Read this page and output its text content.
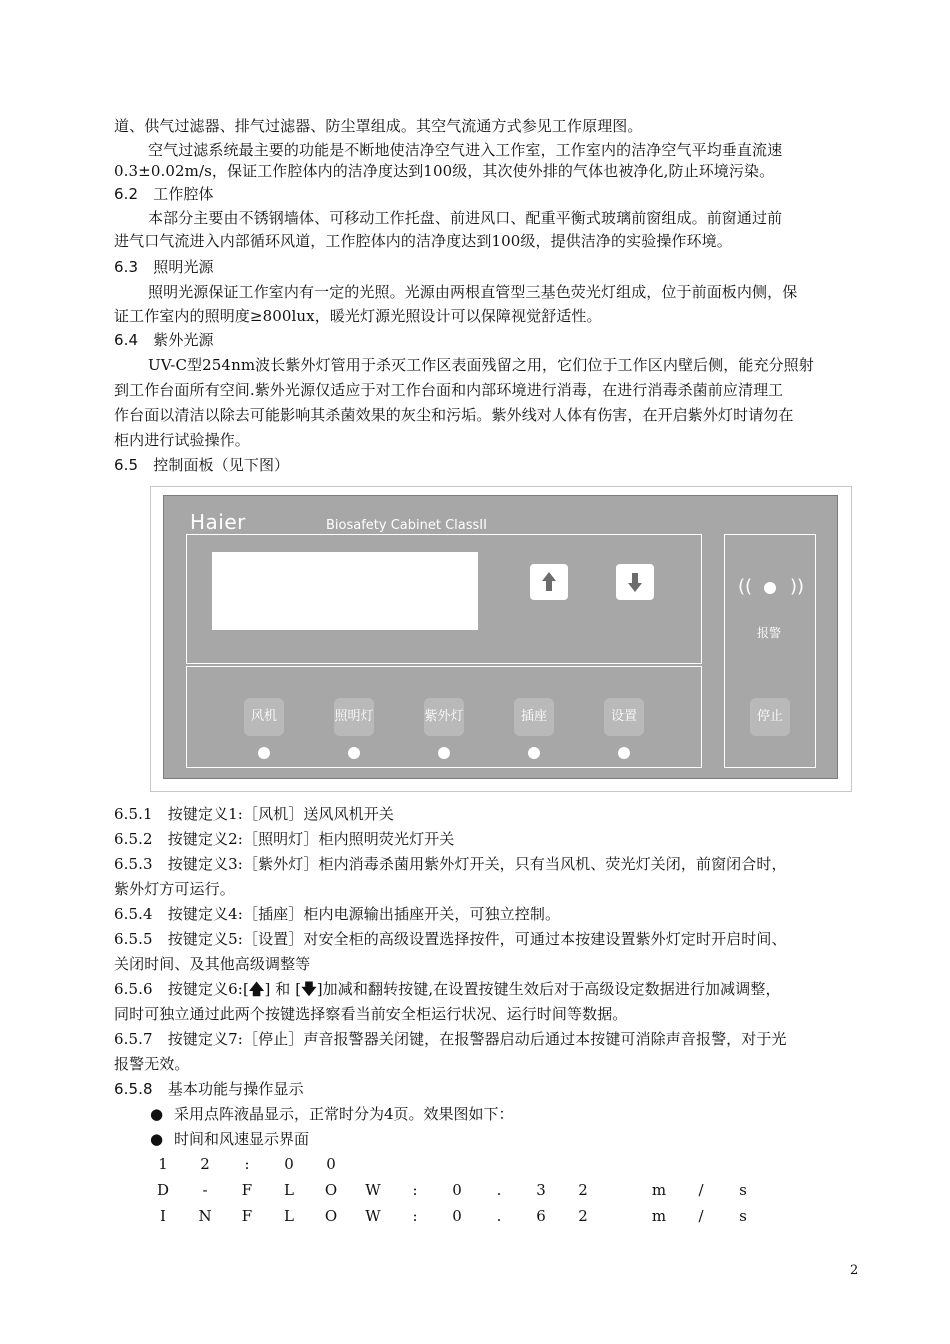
道、供气过滤器、排气过滤器、防尘罩组成。其空气流通方式参见工作原理图。
空气过滤系统最主要的功能是不断地使洁净空气进入工作室，工作室内的洁净空气平均垂直流速
0.3±0.02m/s，保证工作腔体内的洁净度达到100级，其次使外排的气体也被净化,防止环境污染。
6.2　工作腔体
本部分主要由不锈钢墙体、可移动工作托盘、前进风口、配重平衡式玻璃前窗组成。前窗通过前
进气口气流进入内部循环风道，工作腔体内的洁净度达到100级，提供洁净的实验操作环境。
6.3　照明光源
照明光源保证工作室内有一定的光照。光源由两根直管型三基色荧光灯组成，位于前面板内侧，保
证工作室内的照明度≥800lux，暖光灯源光照设计可以保障视觉舒适性。
6.4　紫外光源
UV-C型254nm波长紫外灯管用于杀灭工作区表面残留之用，它们位于工作区内壁后侧，能充分照射
到工作台面所有空间.紫外光源仅适应于对工作台面和内部环境进行消毒，在进行消毒杀菌前应清理工
作台面以清洁以除去可能影响其杀菌效果的灰尘和污垢。紫外线对人体有伤害，在开启紫外灯时请勿在
柜内进行试验操作。
6.5　控制面板（见下图）
Haier	Biosafety Cabinet ClassII
(( ))
报警
风机	照明灯	紫外灯	插座	设置	停止
6.5.1　按键定义1:［风机］送风风机开关
6.5.2　按键定义2:［照明灯］柜内照明荧光灯开关
6.5.3　按键定义3:［紫外灯］柜内消毒杀菌用紫外灯开关，只有当风机、荧光灯关闭，前窗闭合时，
紫外灯方可运行。
6.5.4　按键定义4:［插座］柜内电源输出插座开关，可独立控制。
6.5.5　按键定义5:［设置］对安全柜的高级设置选择按件，可通过本按建设置紫外灯定时开启时间、
关闭时间、及其他高级调整等
6.5.6　按键定义6:[🡅] 和 [🡇]加减和翻转按键,在设置按键生效后对于高级设定数据进行加减调整，
同时可独立通过此两个按键选择察看当前安全柜运行状况、运行时间等数据。
6.5.7　按键定义7:［停止］声音报警器关闭键，在报警器启动后通过本按键可消除声音报警，对于光
报警无效。
6.5.8　基本功能与操作显示
● 采用点阵液晶显示，正常时分为4页。效果图如下：
● 时间和风速显示界面
1	2	:	0	0
D	-	F	L	O	W	:	0	.	3	2	m	/	s
I	N	F	L	O	W	:	0	.	6	2	m	/	s
2
